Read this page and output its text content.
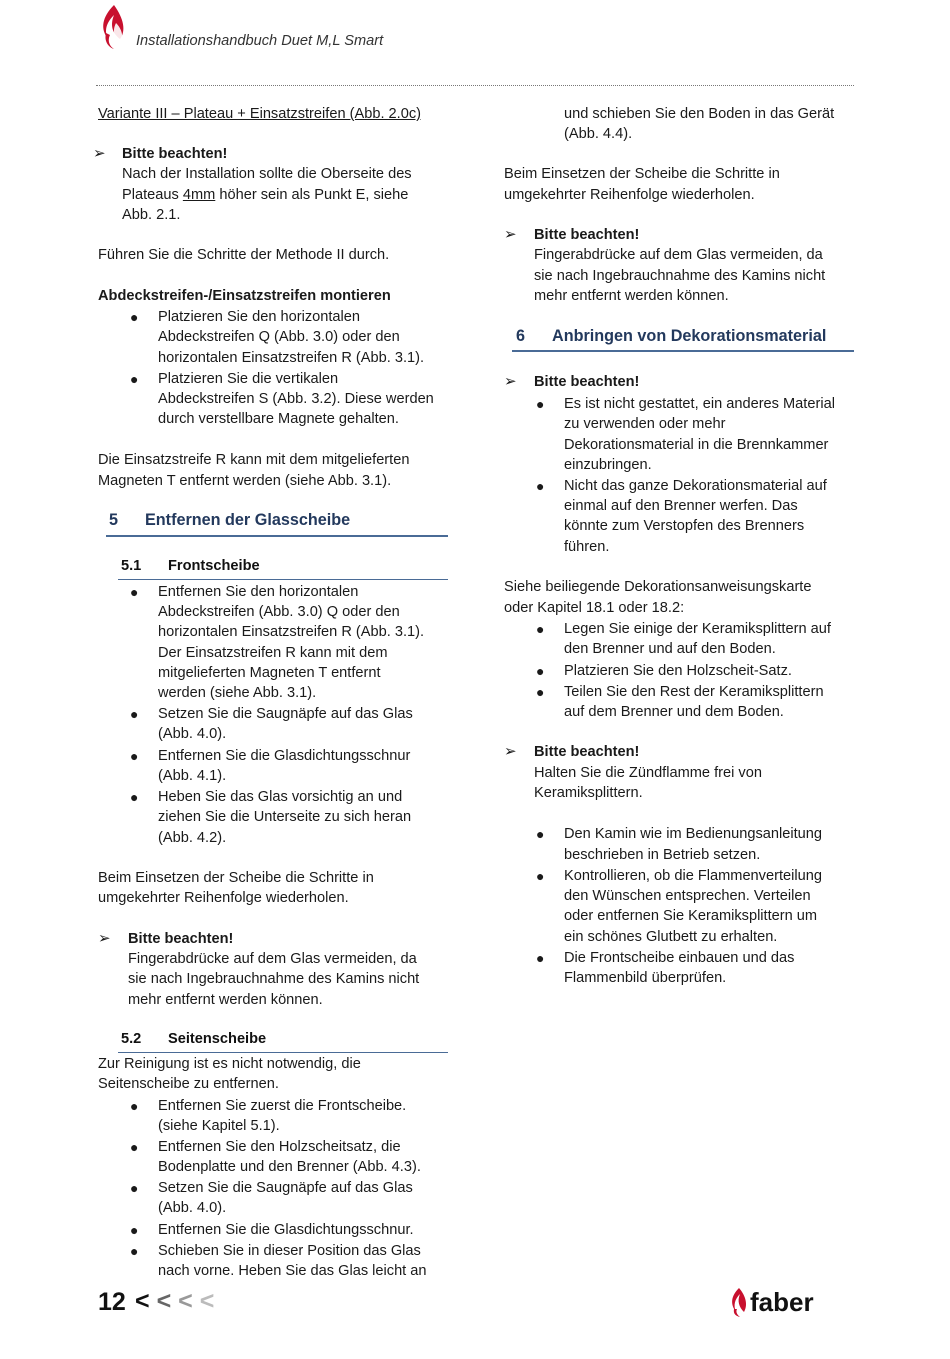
Installationshandbuch Duet M,L Smart
Variante III – Plateau + Einsatzstreifen (Abb. 2.0c)
➢ Bitte beachten!
Nach der Installation sollte die Oberseite des
Plateaus 4mm höher sein als Punkt E, siehe
Abb. 2.1.
Führen Sie die Schritte der Methode II durch.
Abdeckstreifen-/Einsatzstreifen montieren
● Platzieren Sie den horizontalen
Abdeckstreifen Q (Abb. 3.0) oder den
horizontalen Einsatzstreifen R (Abb. 3.1).
● Platzieren Sie die vertikalen
Abdeckstreifen S (Abb. 3.2). Diese werden
durch verstellbare Magnete gehalten.
Die Einsatzstreife R kann mit dem mitgelieferten
Magneten T entfernt werden (siehe Abb. 3.1).
5 Entfernen der Glasscheibe
5.1 Frontscheibe
● Entfernen Sie den horizontalen
Abdeckstreifen (Abb. 3.0) Q oder den
horizontalen Einsatzstreifen R (Abb. 3.1).
Der Einsatzstreifen R kann mit dem
mitgelieferten Magneten T entfernt
werden (siehe Abb. 3.1).
● Setzen Sie die Saugnäpfe auf das Glas
(Abb. 4.0).
● Entfernen Sie die Glasdichtungsschnur
(Abb. 4.1).
● Heben Sie das Glas vorsichtig an und
ziehen Sie die Unterseite zu sich heran
(Abb. 4.2).
Beim Einsetzen der Scheibe die Schritte in
umgekehrter Reihenfolge wiederholen.
➢ Bitte beachten!
Fingerabdrücke auf dem Glas vermeiden, da
sie nach Ingebrauchnahme des Kamins nicht
mehr entfernt werden können.
5.2 Seitenscheibe
Zur Reinigung ist es nicht notwendig, die
Seitenscheibe zu entfernen.
● Entfernen Sie zuerst die Frontscheibe.
(siehe Kapitel 5.1).
● Entfernen Sie den Holzscheitsatz, die
Bodenplatte und den Brenner (Abb. 4.3).
● Setzen Sie die Saugnäpfe auf das Glas
(Abb. 4.0).
● Entfernen Sie die Glasdichtungsschnur.
● Schieben Sie in dieser Position das Glas
nach vorne. Heben Sie das Glas leicht an
und schieben Sie den Boden in das Gerät
(Abb. 4.4).
Beim Einsetzen der Scheibe die Schritte in
umgekehrter Reihenfolge wiederholen.
➢ Bitte beachten!
Fingerabdrücke auf dem Glas vermeiden, da
sie nach Ingebrauchnahme des Kamins nicht
mehr entfernt werden können.
6 Anbringen von Dekorationsmaterial
➢ Bitte beachten!
● Es ist nicht gestattet, ein anderes Material
zu verwenden oder mehr
Dekorationsmaterial in die Brennkammer
einzubringen.
● Nicht das ganze Dekorationsmaterial auf
einmal auf den Brenner werfen. Das
könnte zum Verstopfen des Brenners
führen.
Siehe beiliegende Dekorationsanweisungskarte
oder Kapitel 18.1 oder 18.2:
● Legen Sie einige der Keramiksplittern auf
den Brenner und auf den Boden.
● Platzieren Sie den Holzscheit-Satz.
● Teilen Sie den Rest der Keramiksplittern
auf dem Brenner und dem Boden.
➢ Bitte beachten!
Halten Sie die Zündflamme frei von
Keramiksplittern.
● Den Kamin wie im Bedienungsanleitung
beschrieben in Betrieb setzen.
● Kontrollieren, ob die Flammenverteilung
den Wünschen entsprechen. Verteilen
oder entfernen Sie Keramiksplittern um
ein schönes Glutbett zu erhalten.
● Die Frontscheibe einbauen und das
Flammenbild überprüfen.
12 < < < <	faber
